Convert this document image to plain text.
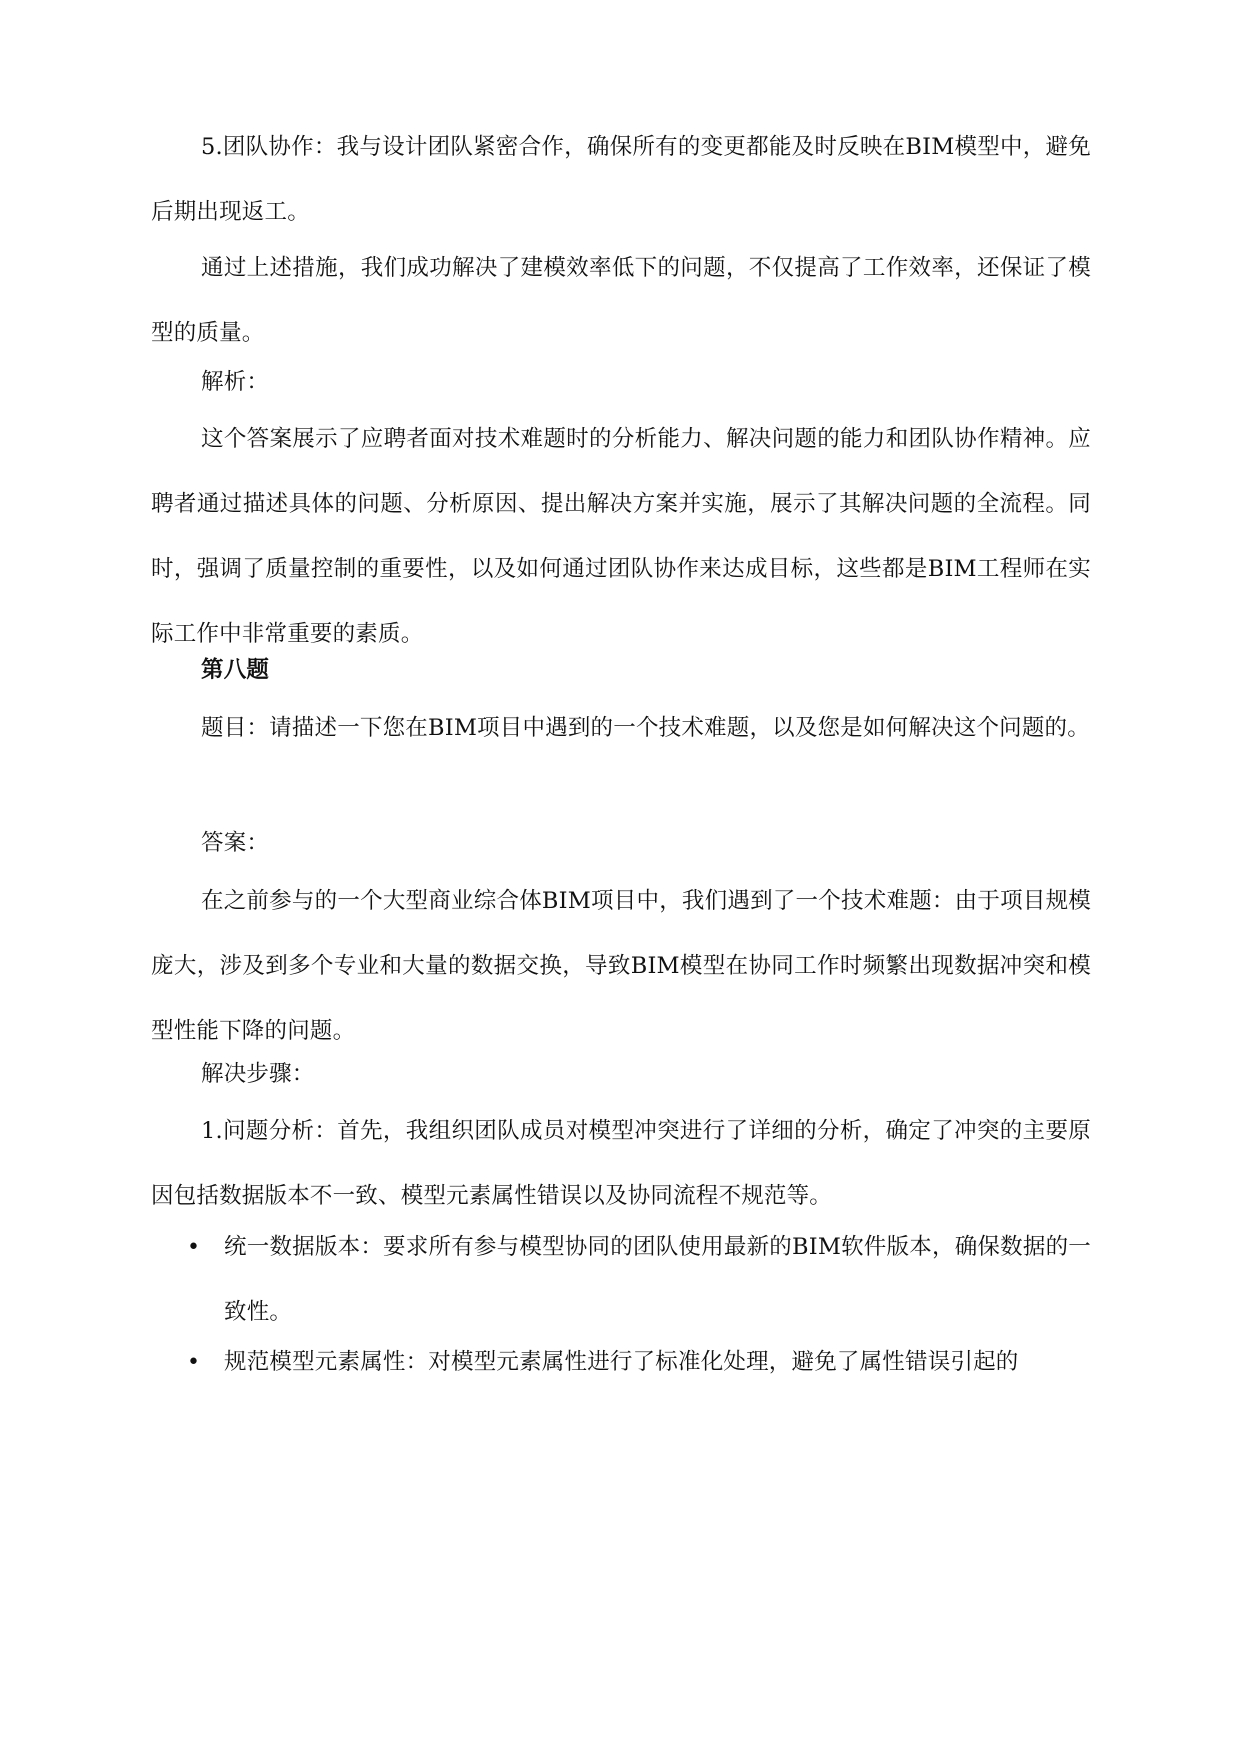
5.团队协作：我与设计团队紧密合作，确保所有的变更都能及时反映在BIM模型中，避免后期出现返工。

通过上述措施，我们成功解决了建模效率低下的问题，不仅提高了工作效率，还保证了模型的质量。

解析：

这个答案展示了应聘者面对技术难题时的分析能力、解决问题的能力和团队协作精神。应聘者通过描述具体的问题、分析原因、提出解决方案并实施，展示了其解决问题的全流程。同时，强调了质量控制的重要性，以及如何通过团队协作来达成目标，这些都是BIM工程师在实际工作中非常重要的素质。

第八题

题目：请描述一下您在BIM项目中遇到的一个技术难题，以及您是如何解决这个问题的。

答案：

在之前参与的一个大型商业综合体BIM项目中，我们遇到了一个技术难题：由于项目规模庞大，涉及到多个专业和大量的数据交换，导致BIM模型在协同工作时频繁出现数据冲突和模型性能下降的问题。

解决步骤：

1.问题分析：首先，我组织团队成员对模型冲突进行了详细的分析，确定了冲突的主要原因包括数据版本不一致、模型元素属性错误以及协同流程不规范等。

• 统一数据版本：要求所有参与模型协同的团队使用最新的BIM软件版本，确保数据的一致性。
• 规范模型元素属性：对模型元素属性进行了标准化处理，避免了属性错误引起的
